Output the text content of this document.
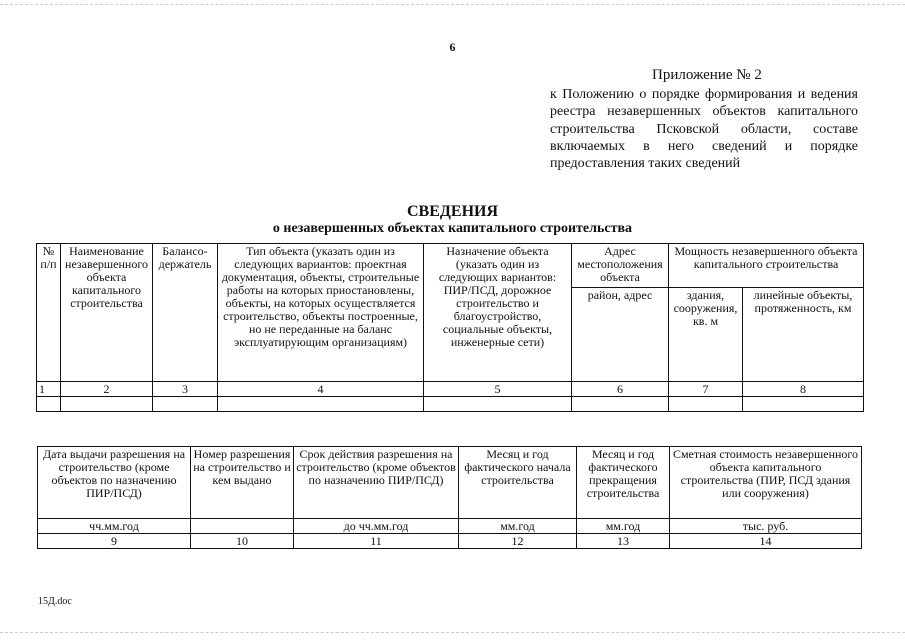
6
Приложение № 2
к Положению о порядке формирования и ведения реестра незавершенных объектов капитального строительства Псковской области, составе включаемых в него сведений и порядке предоставления таких сведений
СВЕДЕНИЯ
о незавершенных объектах капитального строительства
№ п/п	Наименование незавершенного объекта капитального строительства	Балансо-держатель	Тип объекта (указать один из следующих вариантов: проектная документация, объекты, строительные работы на которых приостановлены, объекты, на которых осуществляется строительство, объекты построенные, но не переданные на баланс эксплуатирующим организациям)	Назначение объекта (указать один из следующих вариантов: ПИР/ПСД, дорожное строительство и благоустройство, социальные объекты, инженерные сети)	Адрес местоположения объекта	Мощность незавершенного объекта капитального строительства	
					район, адрес	здания, сооружения, кв. м	линейные объекты, протяженность, км
1	2	3	4	5	6	7	8

Дата выдачи разрешения на строительство (кроме объектов по назначению ПИР/ПСД)	Номер разрешения на строительство и кем выдано	Срок действия разрешения на строительство (кроме объектов по назначению ПИР/ПСД)	Месяц и год фактического начала строительства	Месяц и год фактического прекращения строительства	Сметная стоимость незавершенного объекта капитального строительства (ПИР, ПСД здания или сооружения)
чч.мм.год		до чч.мм.год	мм.год	мм.год	тыс. руб.
9	10	11	12	13	14
15Д.doc
